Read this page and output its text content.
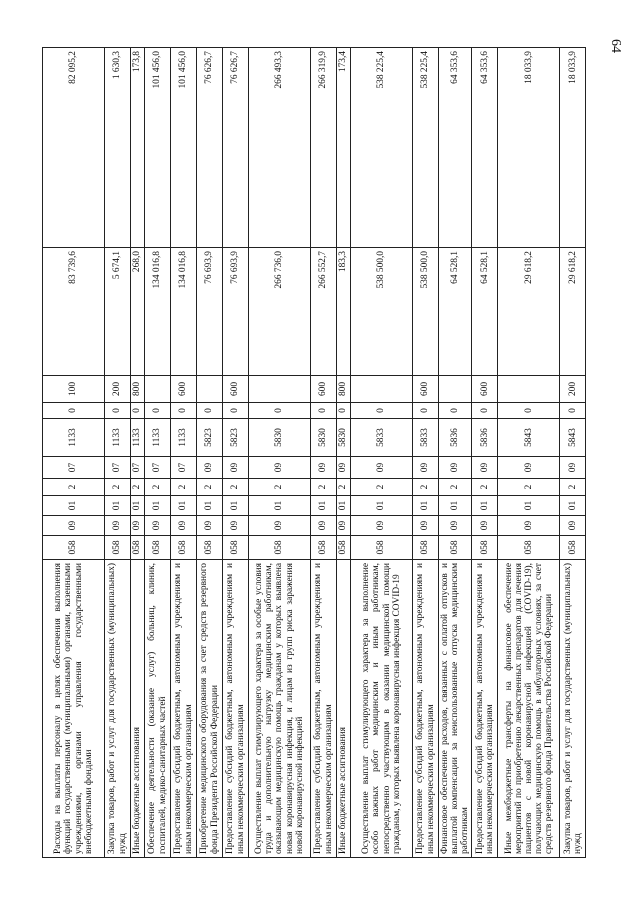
64
Расходы на выплаты персоналу в целях обеспечения выполнения функций государственными (муниципальными) органами, казенными учреждениями, органами управления государственными внебюджетными фондами	058	09	01	2	07	1133	0	100	83 739,6	82 095,2
Закупка товаров, работ и услуг для государственных (муниципальных) нужд	058	09	01	2	07	1133	0	200	5 674,1	1 630,3
Иные бюджетные ассигнования	058	09	01	2	07	1133	0	800	268,0	173,8
Обеспечение деятельности (оказание услуг) больниц, клиник, госпиталей, медико-санитарных частей	058	09	01	2	07	1133	0		134 016,8	101 456,0
Предоставление субсидий бюджетным, автономным учреждениям и иным некоммерческим организациям	058	09	01	2	07	1133	0	600	134 016,8	101 456,0
Приобретение медицинского оборудования за счет средств резервного фонда Президента Российской Федерации	058	09	01	2	09	5823	0		76 693,9	76 626,7
Предоставление субсидий бюджетным, автономным учреждениям и иным некоммерческим организациям	058	09	01	2	09	5823	0	600	76 693,9	76 626,7
Осуществление выплат стимулирующего характера за особые условия труда и дополнительную нагрузку медицинским работникам, оказывающим медицинскую помощь гражданам у которых выявлена новая коронавирусная инфекция, и лицам из групп риска заражения новой коронавирусной инфекцией	058	09	01	2	09	5830	0		266 736,0	266 493,3
Предоставление субсидий бюджетным, автономным учреждениям и иным некоммерческим организациям	058	09	01	2	09	5830	0	600	266 552,7	266 319,9
Иные бюджетные ассигнования	058	09	01	2	09	5830	0	800	183,3	173,4
Осуществление выплат стимулирующего характера за выполнение особо важных работ медицинским и иным работникам, непосредственно участвующим в оказании медицинской помощи гражданам, у которых выявлена коронавирусная инфекция COVID-19	058	09	01	2	09	5833	0		538 500,0	538 225,4
Предоставление субсидий бюджетным, автономным учреждениям и иным некоммерческим организациям	058	09	01	2	09	5833	0	600	538 500,0	538 225,4
Финансовое обеспечение расходов, связанных с оплатой отпусков и выплатой компенсации за неиспользованные отпуска медицинским работникам	058	09	01	2	09	5836	0		64 528,1	64 353,6
Предоставление субсидий бюджетным, автономным учреждениям и иным некоммерческим организациям	058	09	01	2	09	5836	0	600	64 528,1	64 353,6
Иные межбюджетные трансферты на финансовое обеспечение мероприятий по приобретению лекарственных препаратов для лечения пациентов с новой коронавирусной инфекцией (COVID-19), получающих медицинскую помощь в амбулаторных условиях, за счет средств резервного фонда Правительства Российской Федерации	058	09	01	2	09	5843	0		29 618,2	18 033,9
Закупка товаров, работ и услуг для государственных (муниципальных) нужд	058	09	01	2	09	5843	0	200	29 618,2	18 033,9
